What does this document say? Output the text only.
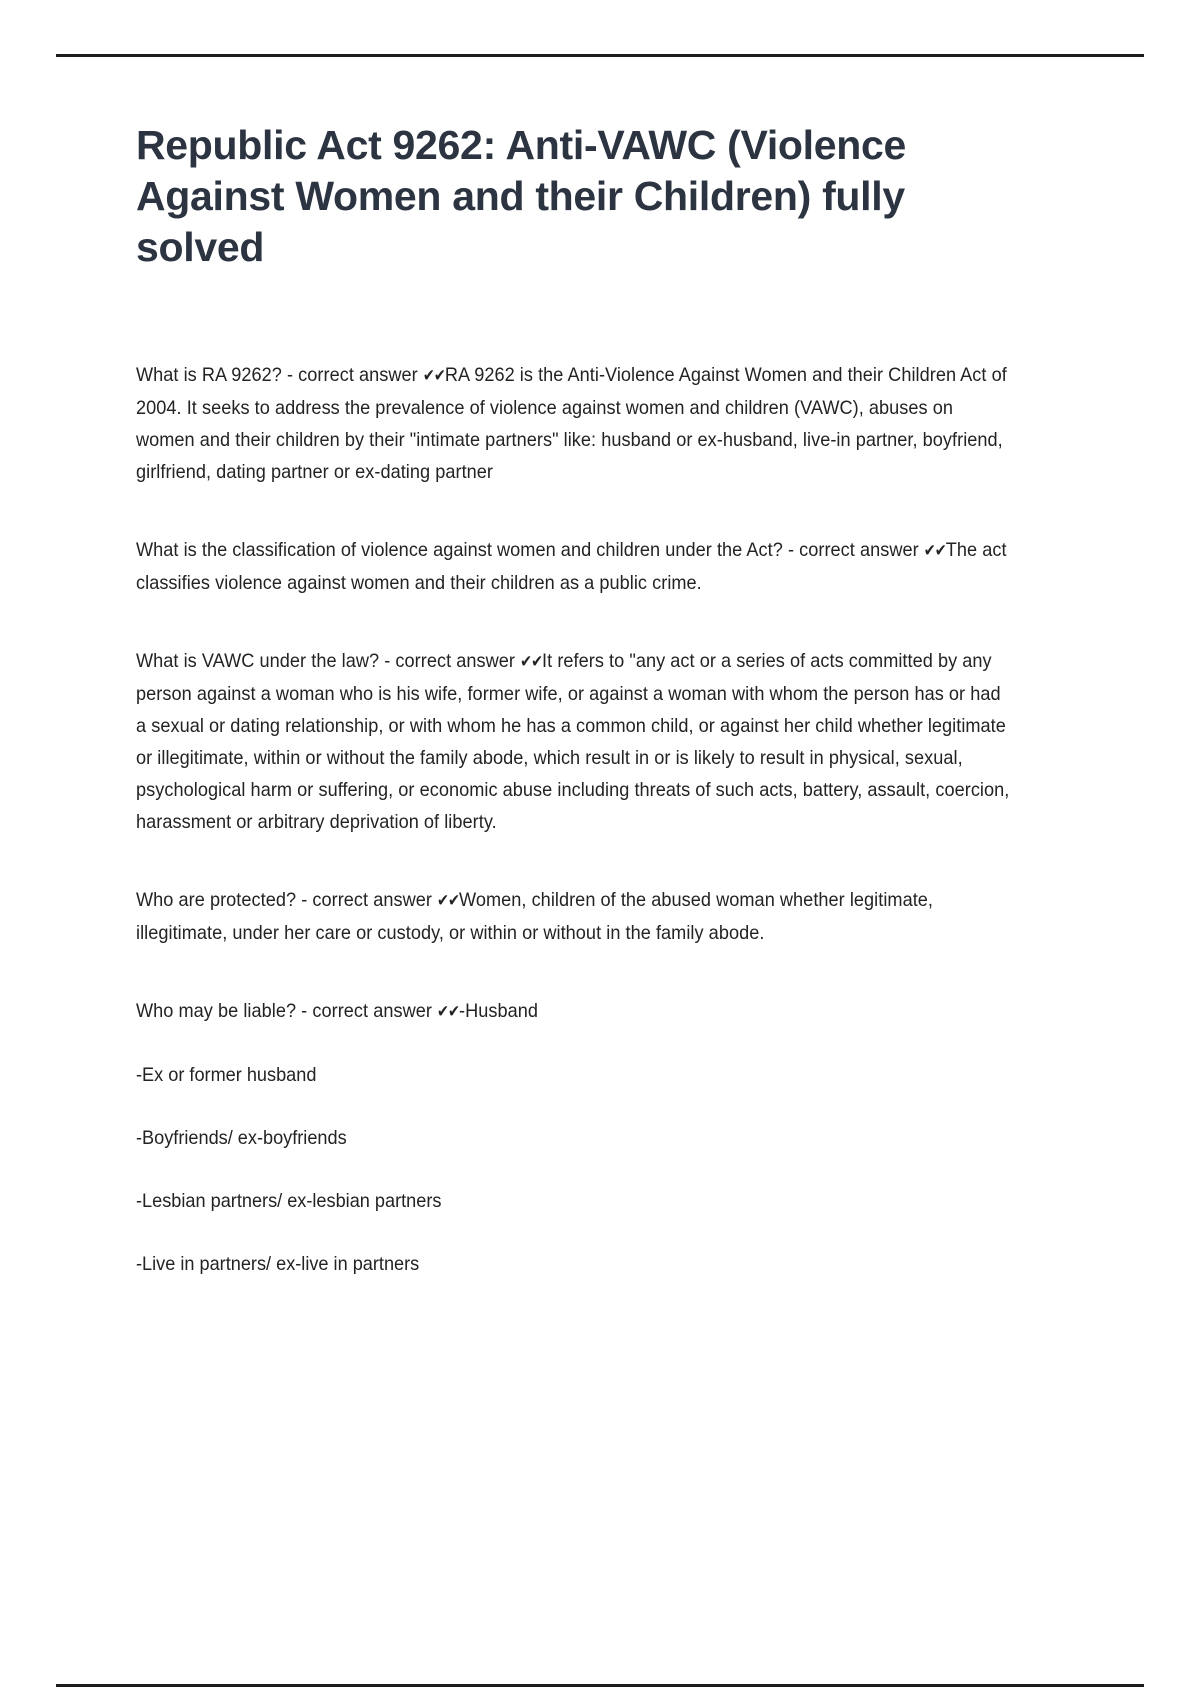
Republic Act 9262: Anti-VAWC (Violence Against Women and their Children) fully solved

What is RA 9262? - correct answer ✔✔RA 9262 is the Anti-Violence Against Women and their Children Act of 2004. It seeks to address the prevalence of violence against women and children (VAWC), abuses on women and their children by their "intimate partners" like: husband or ex-husband, live-in partner, boyfriend, girlfriend, dating partner or ex-dating partner

What is the classification of violence against women and children under the Act? - correct answer ✔✔The act classifies violence against women and their children as a public crime.

What is VAWC under the law? - correct answer ✔✔It refers to "any act or a series of acts committed by any person against a woman who is his wife, former wife, or against a woman with whom the person has or had a sexual or dating relationship, or with whom he has a common child, or against her child whether legitimate or illegitimate, within or without the family abode, which result in or is likely to result in physical, sexual, psychological harm or suffering, or economic abuse including threats of such acts, battery, assault, coercion, harassment or arbitrary deprivation of liberty.

Who are protected? - correct answer ✔✔Women, children of the abused woman whether legitimate, illegitimate, under her care or custody, or within or without in the family abode.

Who may be liable? - correct answer ✔✔-Husband

-Ex or former husband

-Boyfriends/ ex-boyfriends

-Lesbian partners/ ex-lesbian partners

-Live in partners/ ex-live in partners
